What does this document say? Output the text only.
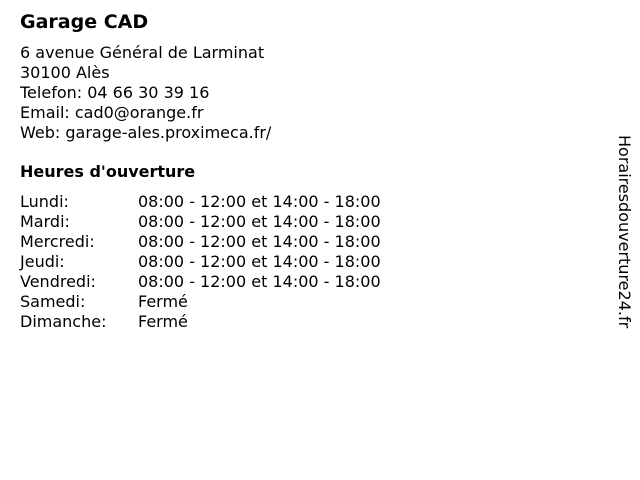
Garage CAD
6 avenue Général de Larminat
30100 Alès
Telefon: 04 66 30 39 16
Email: cad0@orange.fr
Web: garage-ales.proximeca.fr/
Heures d'ouverture
Lundi:	08:00 - 12:00 et 14:00 - 18:00
Mardi:	08:00 - 12:00 et 14:00 - 18:00
Mercredi:	08:00 - 12:00 et 14:00 - 18:00
Jeudi:	08:00 - 12:00 et 14:00 - 18:00
Vendredi:	08:00 - 12:00 et 14:00 - 18:00
Samedi:	Fermé
Dimanche:	Fermé	Horairesdouverture24.fr
